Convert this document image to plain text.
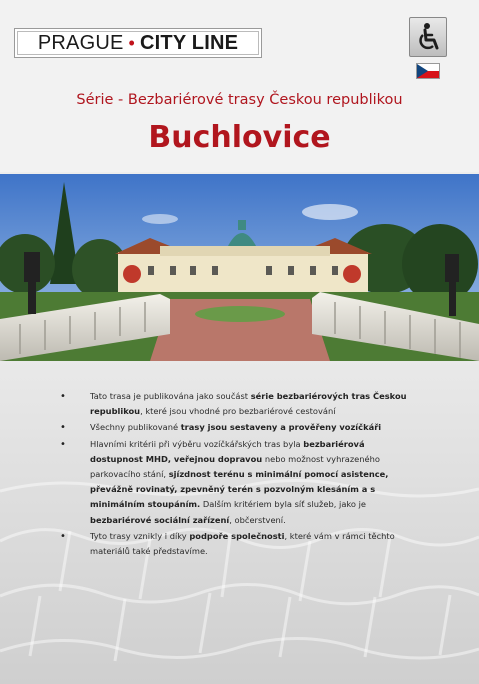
PRAGUE • CITY LINE
Série - Bezbariérové trasy Českou republikou
Buchlovice
• Tato trasa je publikována jako součást série bezbariérových tras Českou republikou, které jsou vhodné pro bezbariérové cestování
• Všechny publikované trasy jsou sestaveny a prověřeny vozíčkáři
• Hlavními kritérii při výběru vozíčkářských tras byla bezbariérová dostupnost MHD, veřejnou dopravou nebo možnost vyhrazeného parkovacího stání, sjízdnost terénu s minimální pomocí asistence, převážně rovinatý, zpevněný terén s pozvolným klesáním a s minimálním stoupáním. Dalším kritériem byla síť služeb, jako je bezbariérové sociální zařízení, občerstvení.
• Tyto trasy vznikly i díky podpoře společnosti, které vám v rámci těchto materiálů také představíme.
